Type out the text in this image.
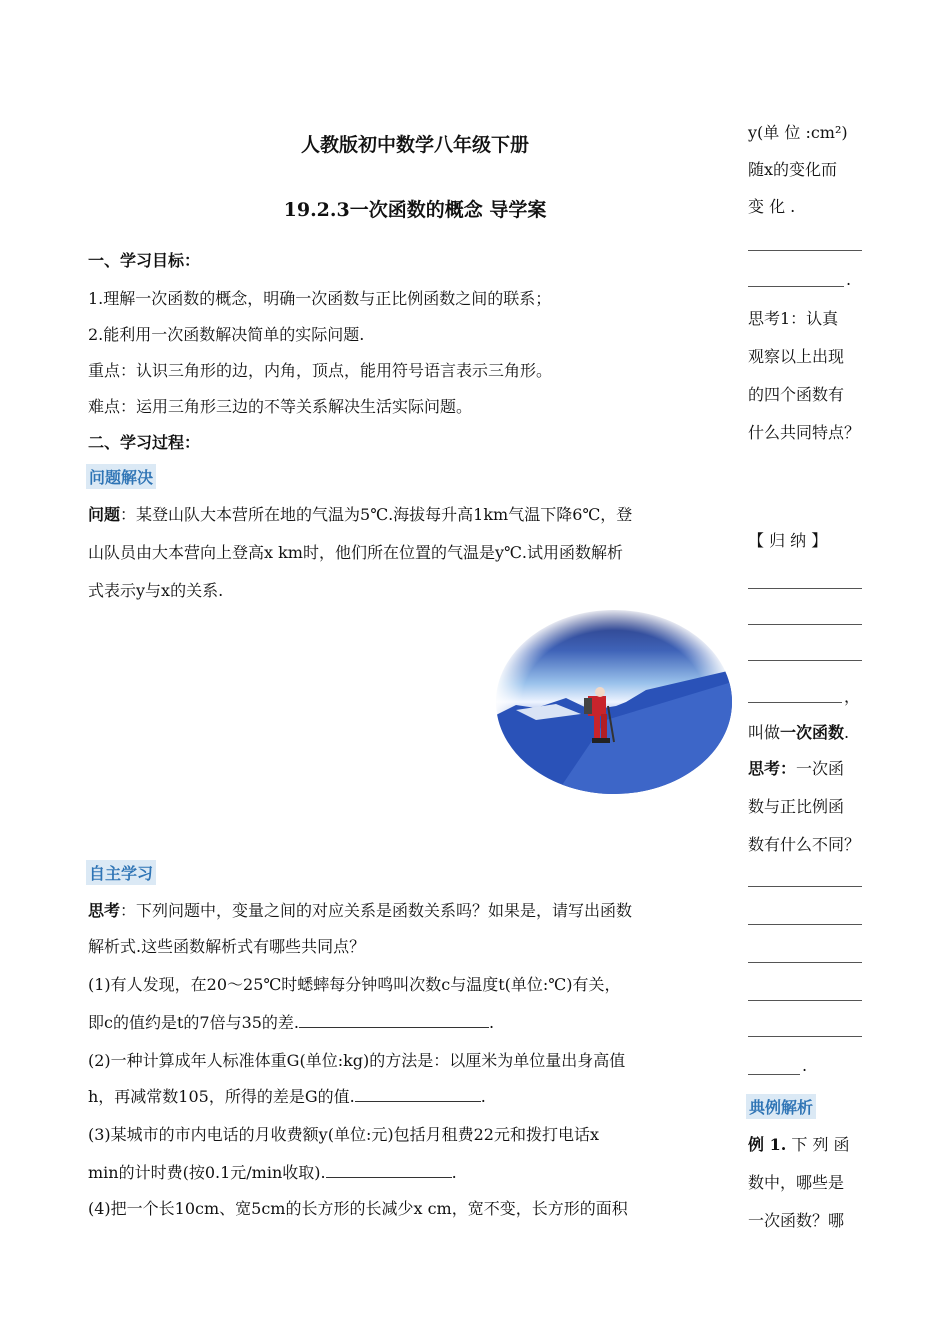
人教版初中数学八年级下册
19.2.3一次函数的概念 导学案
一、学习目标：
1.理解一次函数的概念，明确一次函数与正比例函数之间的联系；
2.能利用一次函数解决简单的实际问题.
重点：认识三角形的边，内角，顶点，能用符号语言表示三角形。
难点：运用三角形三边的不等关系解决生活实际问题。
二、学习过程：
问题解决
问题：某登山队大本营所在地的气温为5℃.海拔每升高1km气温下降6℃，登
山队员由大本营向上登高x km时，他们所在位置的气温是y℃.试用函数解析
式表示y与x的关系.
自主学习
思考：下列问题中，变量之间的对应关系是函数关系吗？如果是，请写出函数
解析式.这些函数解析式有哪些共同点？
(1)有人发现，在20～25℃时蟋蟀每分钟鸣叫次数c与温度t(单位:℃)有关，
即c的值约是t的7倍与35的差.	.
(2)一种计算成年人标准体重G(单位:kg)的方法是：以厘米为单位量出身高值
h，再减常数105，所得的差是G的值.	.
(3)某城市的市内电话的月收费额y(单位:元)包括月租费22元和拨打电话x
min的计时费(按0.1元/min收取).	.
(4)把一个长10cm、宽5cm的长方形的长减少x cm，宽不变，长方形的面积
y(单 位 :cm²)
随x的变化而
变 化 .
.
思考1：认真
观察以上出现
的四个函数有
什么共同特点？
【 归 纳 】
，
叫做一次函数.
思考：一次函
数与正比例函
数有什么不同？
.
典例解析
例 1. 下 列 函
数中，哪些是
一次函数？哪
